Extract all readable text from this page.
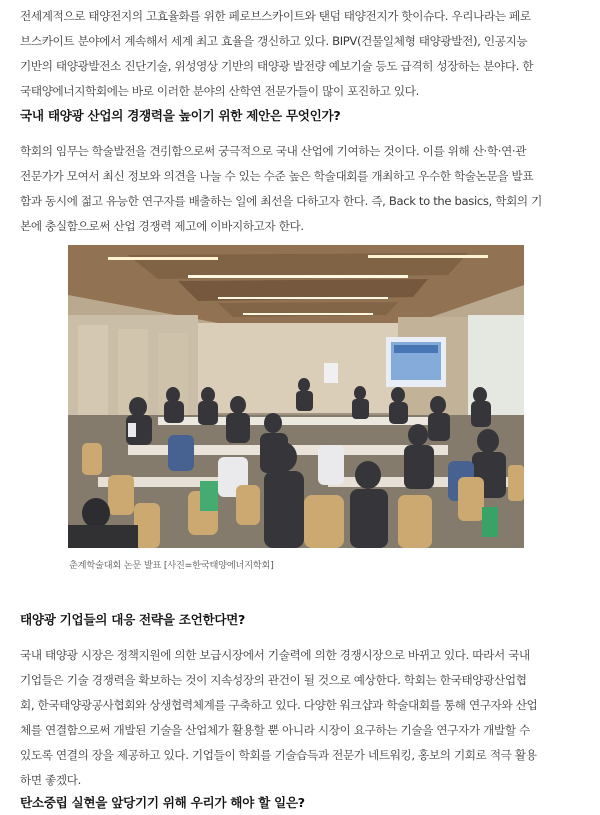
전세계적으로 태양전지의 고효율화를 위한 페로브스카이트와 탠덤 태양전지가 핫이슈다. 우리나라는 페로
브스카이트 분야에서 계속해서 세계 최고 효율을 갱신하고 있다. BIPV(건물일체형 태양광발전), 인공지능
기반의 태양광발전소 진단기술, 위성영상 기반의 태양광 발전량 예보기술 등도 급격히 성장하는 분야다. 한
국태양에너지학회에는 바로 이러한 분야의 산학연 전문가들이 많이 포진하고 있다.

국내 태양광 산업의 경쟁력을 높이기 위한 제안은 무엇인가?

학회의 임무는 학술발전을 견引함으로써 궁극적으로 국내 산업에 기여하는 것이다. 이를 위해 산·학·연·관
전문가가 모여서 최신 정보와 의견을 나눌 수 있는 수준 높은 학술대회를 개최하고 우수한 학술논문을 발표
함과 동시에 젊고 유능한 연구자를 배출하는 일에 최선을 다하고자 한다. 즉, Back to the basics, 학회의 기
본에 충실함으로써 산업 경쟁력 제고에 이바지하고자 한다.

춘계학술대회 논문 발표 [사진=한국태양에너지학회]

태양광 기업들의 대응 전략을 조언한다면?

국내 태양광 시장은 정책지원에 의한 보급시장에서 기술력에 의한 경쟁시장으로 바뀌고 있다. 따라서 국내
기업들은 기술 경쟁력을 확보하는 것이 지속성장의 관건이 될 것으로 예상한다. 학회는 한국태양광산업협
회, 한국태양광공사협회와 상생협력체계를 구축하고 있다. 다양한 워크샵과 학술대회를 통해 연구자와 산업
체를 연결함으로써 개발된 기술을 산업체가 활용할 뿐 아니라 시장이 요구하는 기술을 연구자가 개발할 수
있도록 연결의 장을 제공하고 있다. 기업들이 학회를 기술습득과 전문가 네트워킹, 홍보의 기회로 적극 활용
하면 좋겠다.

탄소중립 실현을 앞당기기 위해 우리가 해야 할 일은?
